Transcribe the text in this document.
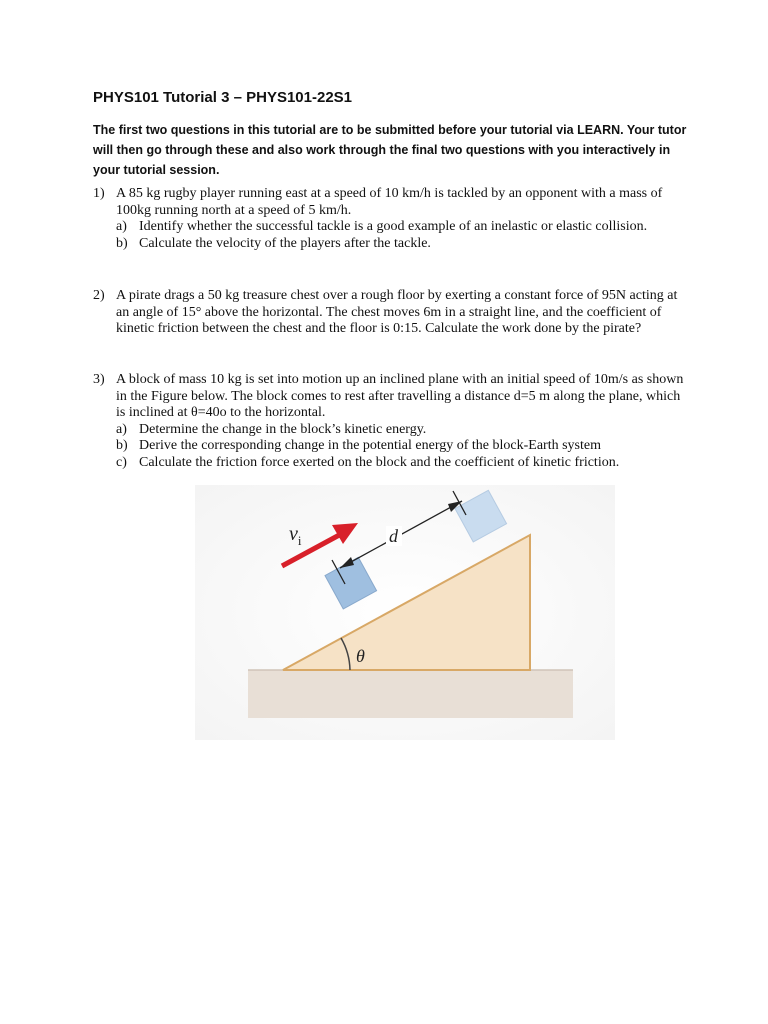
PHYS101 Tutorial 3 – PHYS101-22S1

The first two questions in this tutorial are to be submitted before your tutorial via LEARN. Your tutor will then go through these and also work through the final two questions with you interactively in your tutorial session.

1) A 85 kg rugby player running east at a speed of 10 km/h is tackled by an opponent with a mass of 100kg running north at a speed of 5 km/h.
a) Identify whether the successful tackle is a good example of an inelastic or elastic collision.
b) Calculate the velocity of the players after the tackle.
2) A pirate drags a 50 kg treasure chest over a rough floor by exerting a constant force of 95N acting at an angle of 15° above the horizontal. The chest moves 6m in a straight line, and the coefficient of kinetic friction between the chest and the floor is 0:15. Calculate the work done by the pirate?
3) A block of mass 10 kg is set into motion up an inclined plane with an initial speed of 10m/s as shown in the Figure below. The block comes to rest after travelling a distance d=5 m along the plane, which is inclined at θ=40o to the horizontal.
a) Determine the change in the block’s kinetic energy.
b) Derive the corresponding change in the potential energy of the block-Earth system
c) Calculate the friction force exerted on the block and the coefficient of kinetic friction.
θ
d
$v_i$
